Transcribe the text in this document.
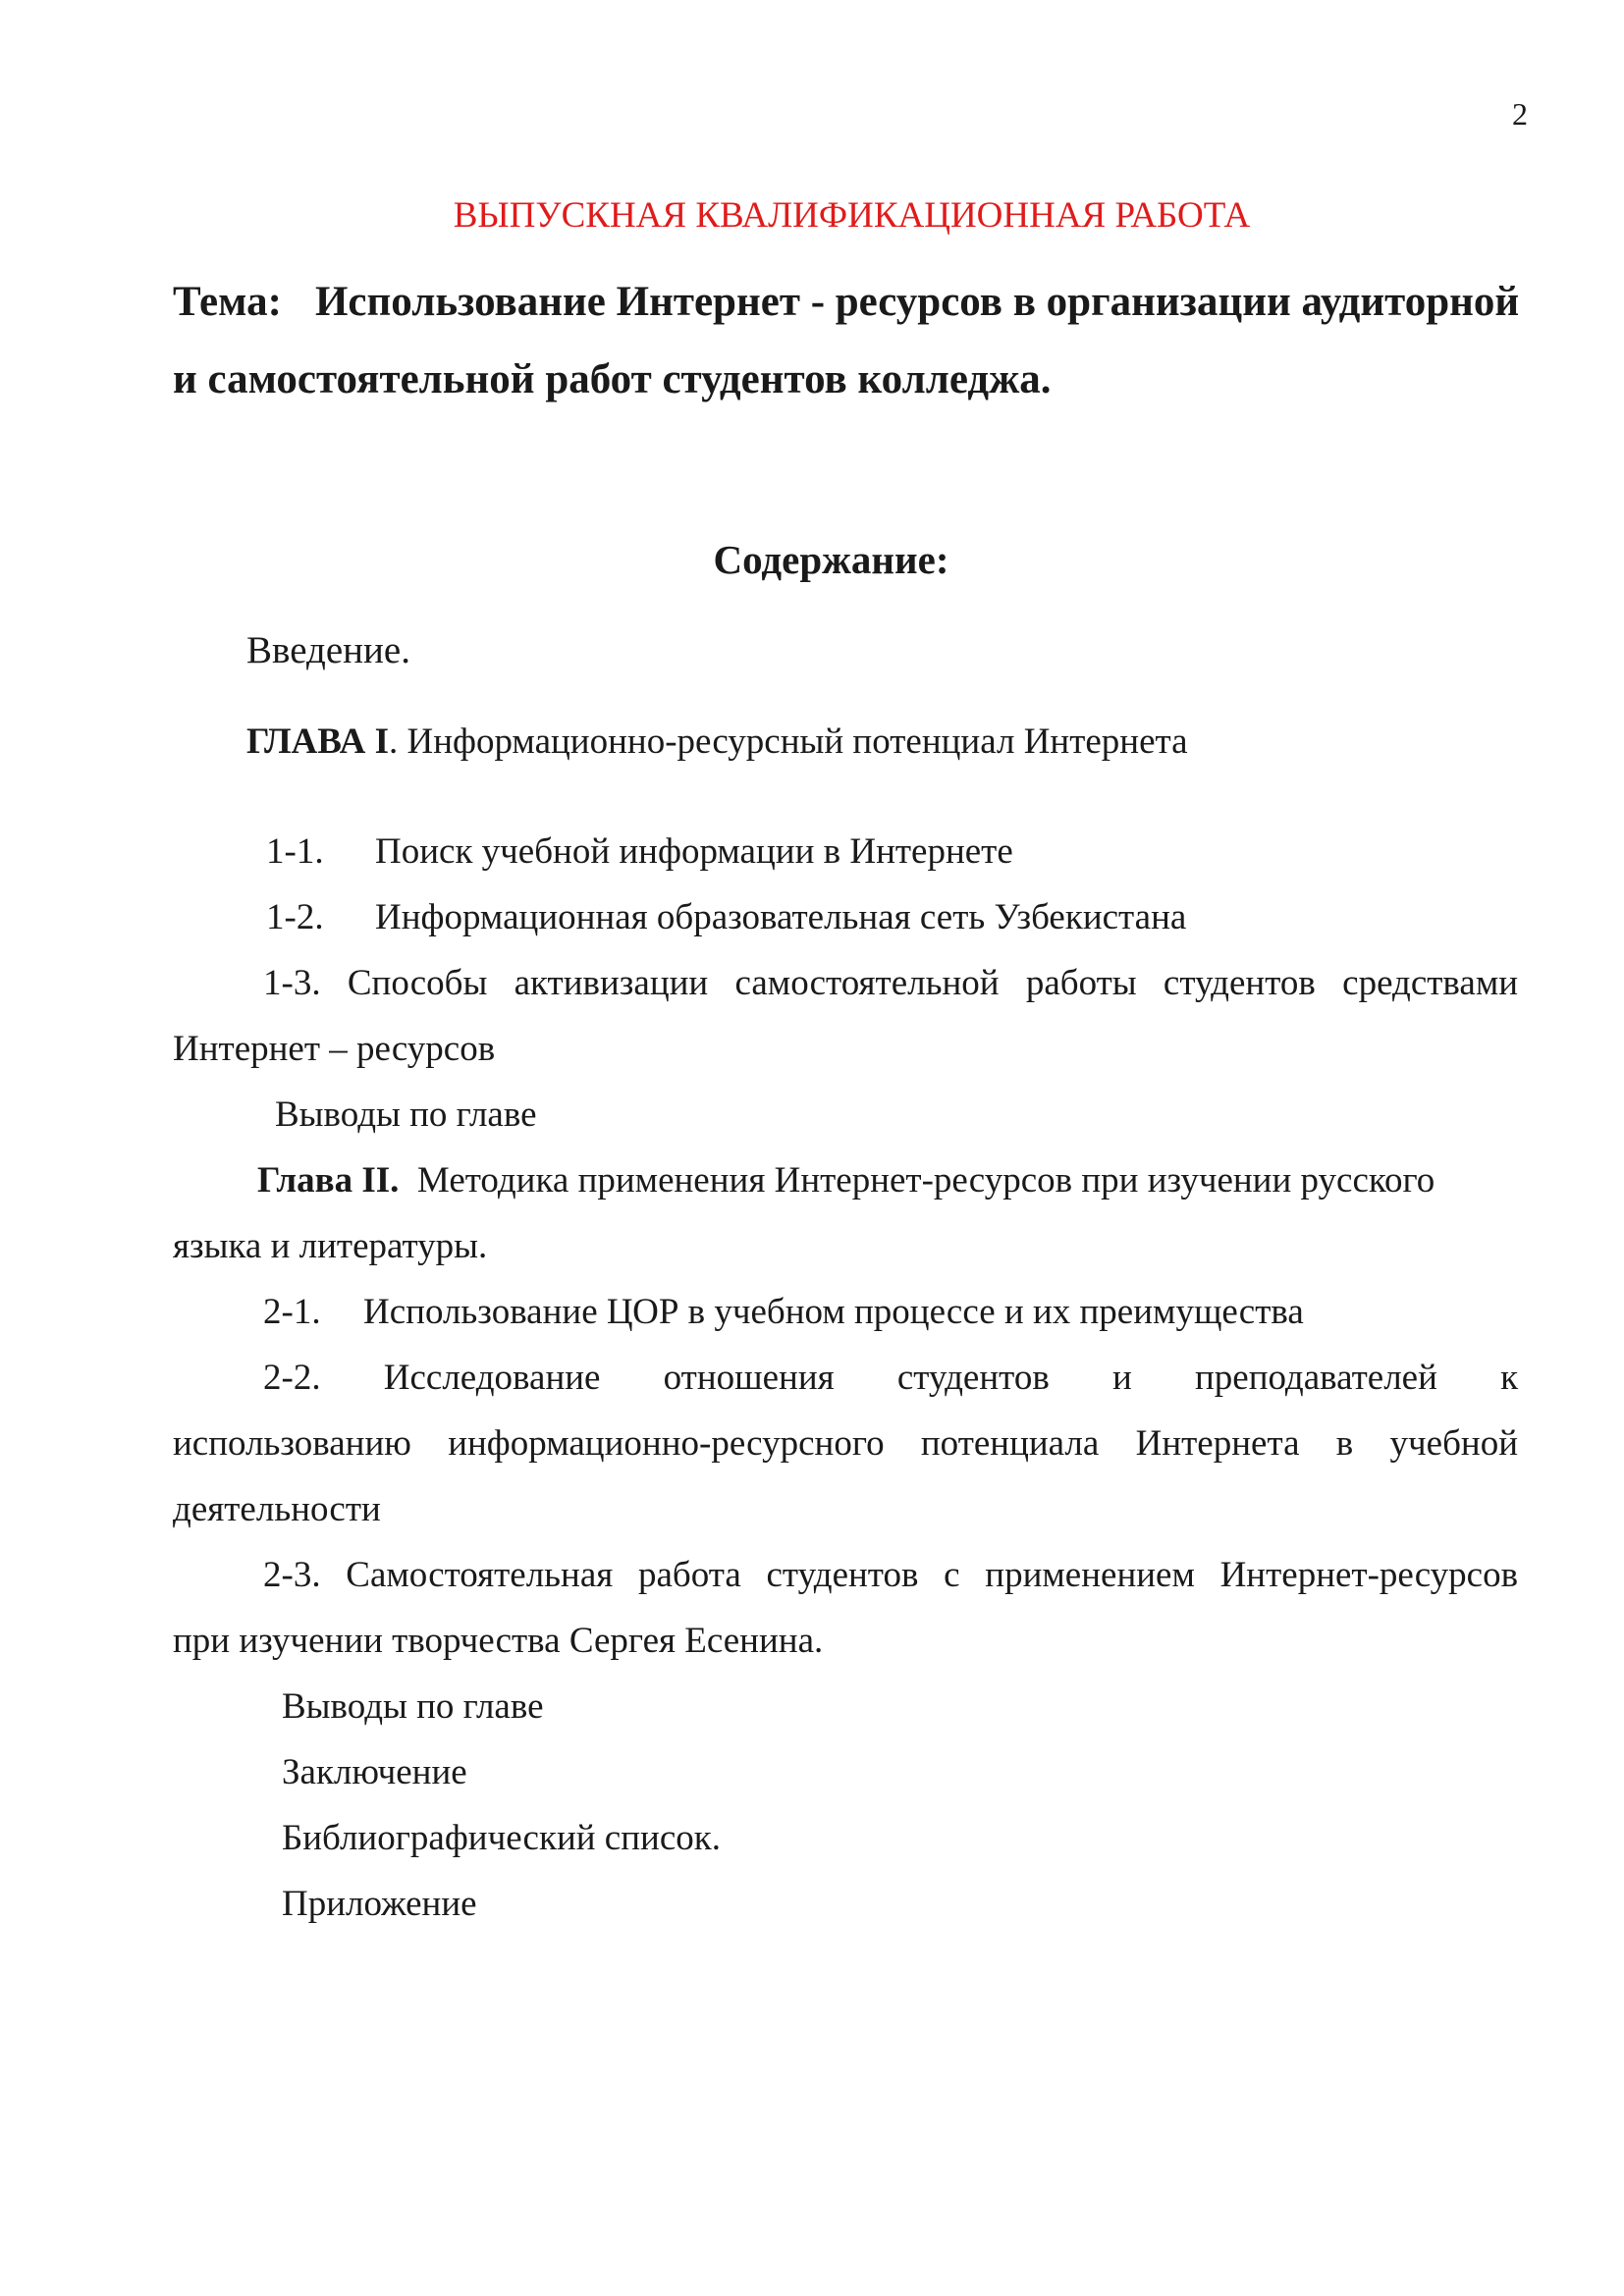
2
ВЫПУСКНАЯ КВАЛИФИКАЦИОННАЯ РАБОТА
Тема: Использование Интернет - ресурсов в организации аудиторной
и самостоятельной работ студентов колледжа.
Содержание:
Введение.
ГЛАВА I. Информационно-ресурсный потенциал Интернета
1-1. Поиск учебной информации в Интернете
1-2. Информационная образовательная сеть Узбекистана
1-3. Способы активизации самостоятельной работы студентов средствами
Интернет – ресурсов
Выводы по главе
Глава II. Методика применения Интернет-ресурсов при изучении русского
языка и литературы.
2-1. Использование ЦОР в учебном процессе и их преимущества
2-2. Исследование отношения студентов и преподавателей к
использованию информационно-ресурсного потенциала Интернета в учебной
деятельности
2-3. Самостоятельная работа студентов с применением Интернет-ресурсов
при изучении творчества Сергея Есенина.
Выводы по главе
Заключение
Библиографический список.
Приложение
